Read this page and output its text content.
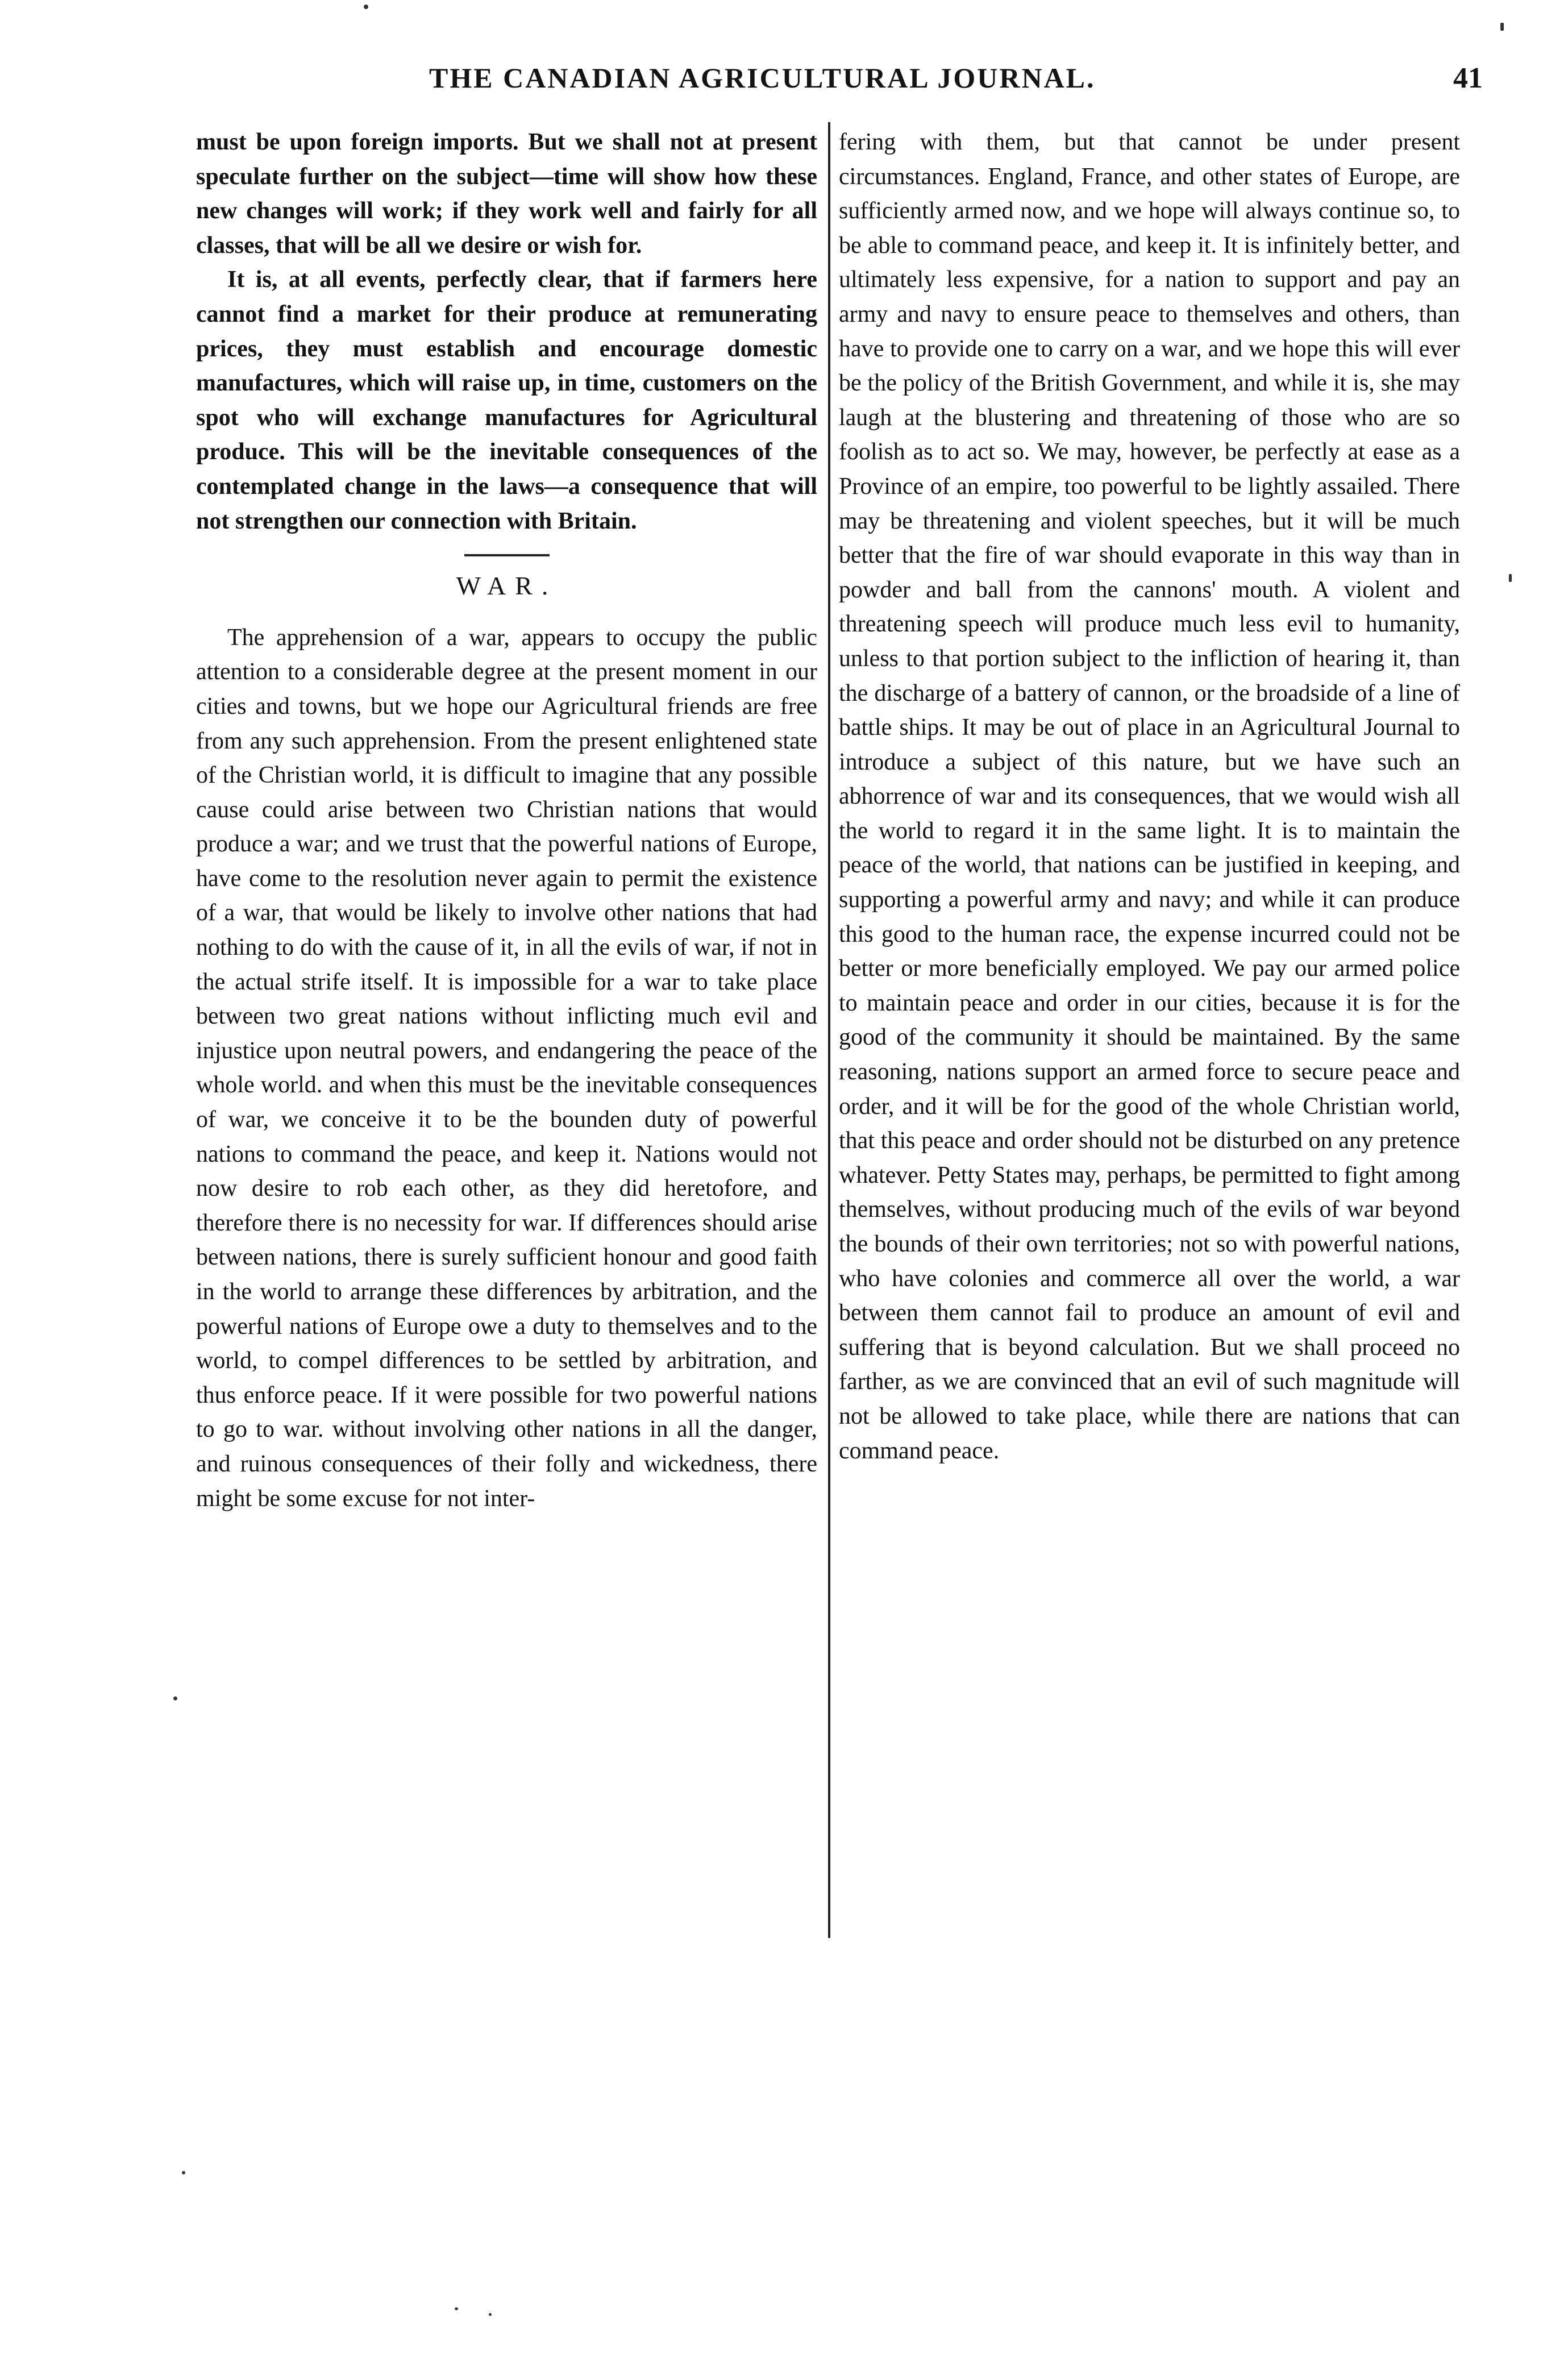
THE CANADIAN AGRICULTURAL JOURNAL.	41

must be upon foreign imports. But we shall not at present speculate further on the subject—time will show how these new changes will work; if they work well and fairly for all classes, that will be all we desire or wish for.

It is, at all events, perfectly clear, that if farmers here cannot find a market for their produce at remunerating prices, they must establish and encourage domestic manufactures, which will raise up, in time, customers on the spot who will exchange manufactures for Agricultural produce. This will be the inevitable consequences of the contemplated change in the laws—a consequence that will not strengthen our connection with Britain.

WAR.

The apprehension of a war, appears to occupy the public attention to a considerable degree at the present moment in our cities and towns, but we hope our Agricultural friends are free from any such apprehension. From the present enlightened state of the Christian world, it is difficult to imagine that any possible cause could arise between two Christian nations that would produce a war; and we trust that the powerful nations of Europe, have come to the resolution never again to permit the existence of a war, that would be likely to involve other nations that had nothing to do with the cause of it, in all the evils of war, if not in the actual strife itself. It is impossible for a war to take place between two great nations without inflicting much evil and injustice upon neutral powers, and endangering the peace of the whole world. and when this must be the inevitable consequences of war, we conceive it to be the bounden duty of powerful nations to command the peace, and keep it. Nations would not now desire to rob each other, as they did heretofore, and therefore there is no necessity for war. If differences should arise between nations, there is surely sufficient honour and good faith in the world to arrange these differences by arbitration, and the powerful nations of Europe owe a duty to themselves and to the world, to compel differences to be settled by arbitration, and thus enforce peace. If it were possible for two powerful nations to go to war. without involving other nations in all the danger, and ruinous consequences of their folly and wickedness, there might be some excuse for not inter-

fering with them, but that cannot be under present circumstances. England, France, and other states of Europe, are sufficiently armed now, and we hope will always continue so, to be able to command peace, and keep it. It is infinitely better, and ultimately less expensive, for a nation to support and pay an army and navy to ensure peace to themselves and others, than have to provide one to carry on a war, and we hope this will ever be the policy of the British Government, and while it is, she may laugh at the blustering and threatening of those who are so foolish as to act so. We may, however, be perfectly at ease as a Province of an empire, too powerful to be lightly assailed. There may be threatening and violent speeches, but it will be much better that the fire of war should evaporate in this way than in powder and ball from the cannons' mouth. A violent and threatening speech will produce much less evil to humanity, unless to that portion subject to the infliction of hearing it, than the discharge of a battery of cannon, or the broadside of a line of battle ships. It may be out of place in an Agricultural Journal to introduce a subject of this nature, but we have such an abhorrence of war and its consequences, that we would wish all the world to regard it in the same light. It is to maintain the peace of the world, that nations can be justified in keeping, and supporting a powerful army and navy; and while it can produce this good to the human race, the expense incurred could not be better or more beneficially employed. We pay our armed police to maintain peace and order in our cities, because it is for the good of the community it should be maintained. By the same reasoning, nations support an armed force to secure peace and order, and it will be for the good of the whole Christian world, that this peace and order should not be disturbed on any pretence whatever. Petty States may, perhaps, be permitted to fight among themselves, without producing much of the evils of war beyond the bounds of their own territories; not so with powerful nations, who have colonies and commerce all over the world, a war between them cannot fail to produce an amount of evil and suffering that is beyond calculation. But we shall proceed no farther, as we are convinced that an evil of such magnitude will not be allowed to take place, while there are nations that can command peace.
